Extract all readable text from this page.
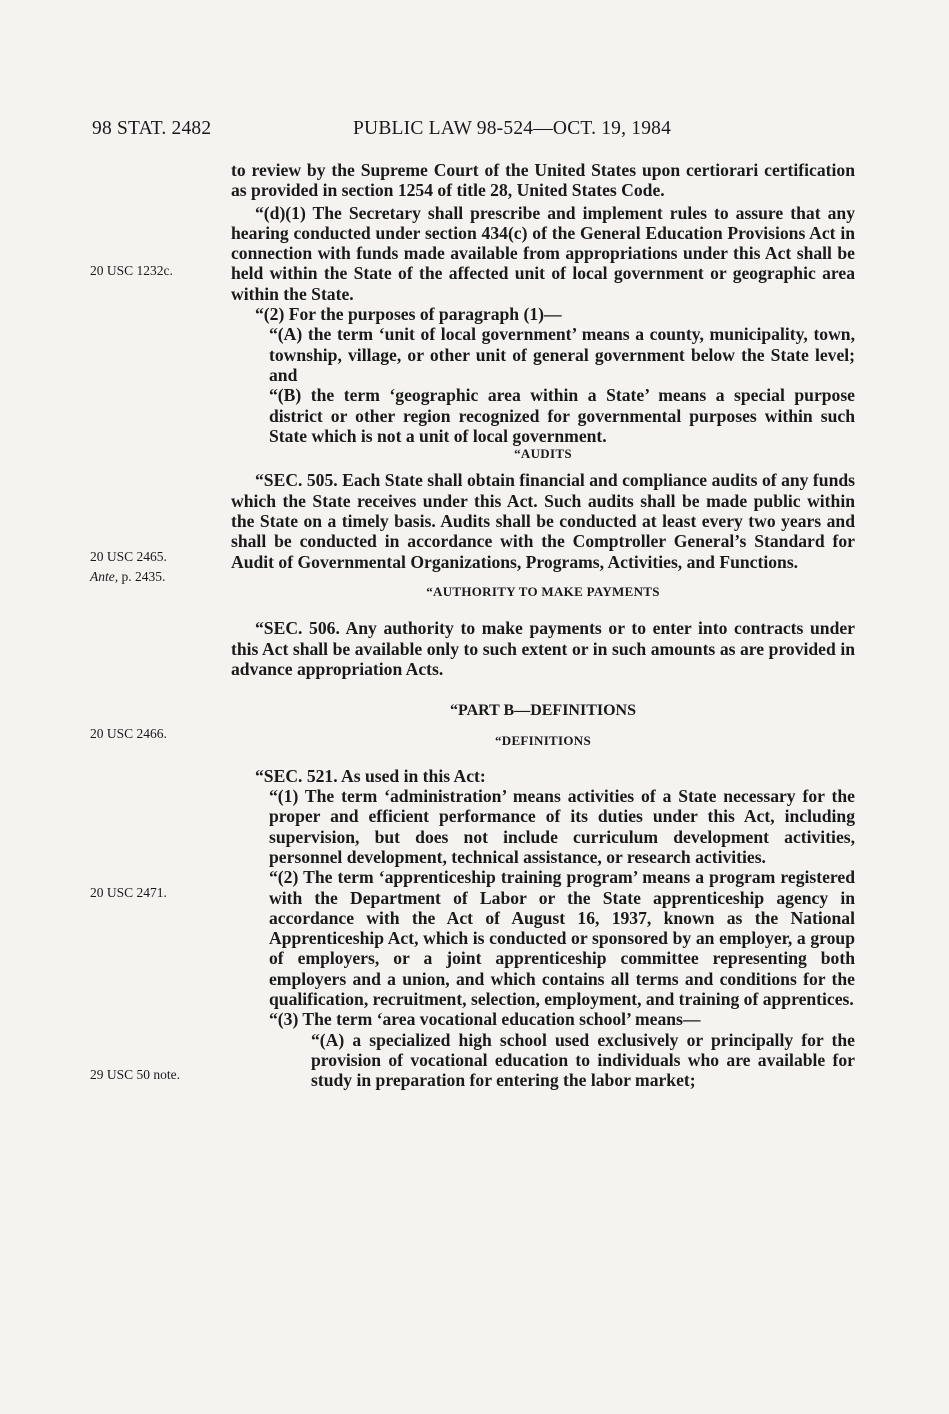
98 STAT. 2482	PUBLIC LAW 98-524—OCT. 19, 1984
20 USC 1232c.
20 USC 2465.
Ante, p. 2435.
20 USC 2466.
20 USC 2471.
29 USC 50 note.

to review by the Supreme Court of the United States upon certiorari certification as provided in section 1254 of title 28, United States Code.

“(d)(1) The Secretary shall prescribe and implement rules to assure that any hearing conducted under section 434(c) of the General Education Provisions Act in connection with funds made available from appropriations under this Act shall be held within the State of the affected unit of local government or geographic area within the State.

“(2) For the purposes of paragraph (1)—

“(A) the term ‘unit of local government’ means a county, municipality, town, township, village, or other unit of general government below the State level; and

“(B) the term ‘geographic area within a State’ means a special purpose district or other region recognized for governmental purposes within such State which is not a unit of local government.

“AUDITS

“SEC. 505. Each State shall obtain financial and compliance audits of any funds which the State receives under this Act. Such audits shall be made public within the State on a timely basis. Audits shall be conducted at least every two years and shall be conducted in accordance with the Comptroller General’s Standard for Audit of Governmental Organizations, Programs, Activities, and Functions.

“AUTHORITY TO MAKE PAYMENTS

“SEC. 506. Any authority to make payments or to enter into contracts under this Act shall be available only to such extent or in such amounts as are provided in advance appropriation Acts.

“PART B—DEFINITIONS

“DEFINITIONS

“SEC. 521. As used in this Act:

“(1) The term ‘administration’ means activities of a State necessary for the proper and efficient performance of its duties under this Act, including supervision, but does not include curriculum development activities, personnel development, technical assistance, or research activities.

“(2) The term ‘apprenticeship training program’ means a program registered with the Department of Labor or the State apprenticeship agency in accordance with the Act of August 16, 1937, known as the National Apprenticeship Act, which is conducted or sponsored by an employer, a group of employers, or a joint apprenticeship committee representing both employers and a union, and which contains all terms and conditions for the qualification, recruitment, selection, employment, and training of apprentices.

“(3) The term ‘area vocational education school’ means—

“(A) a specialized high school used exclusively or principally for the provision of vocational education to individuals who are available for study in preparation for entering the labor market;
